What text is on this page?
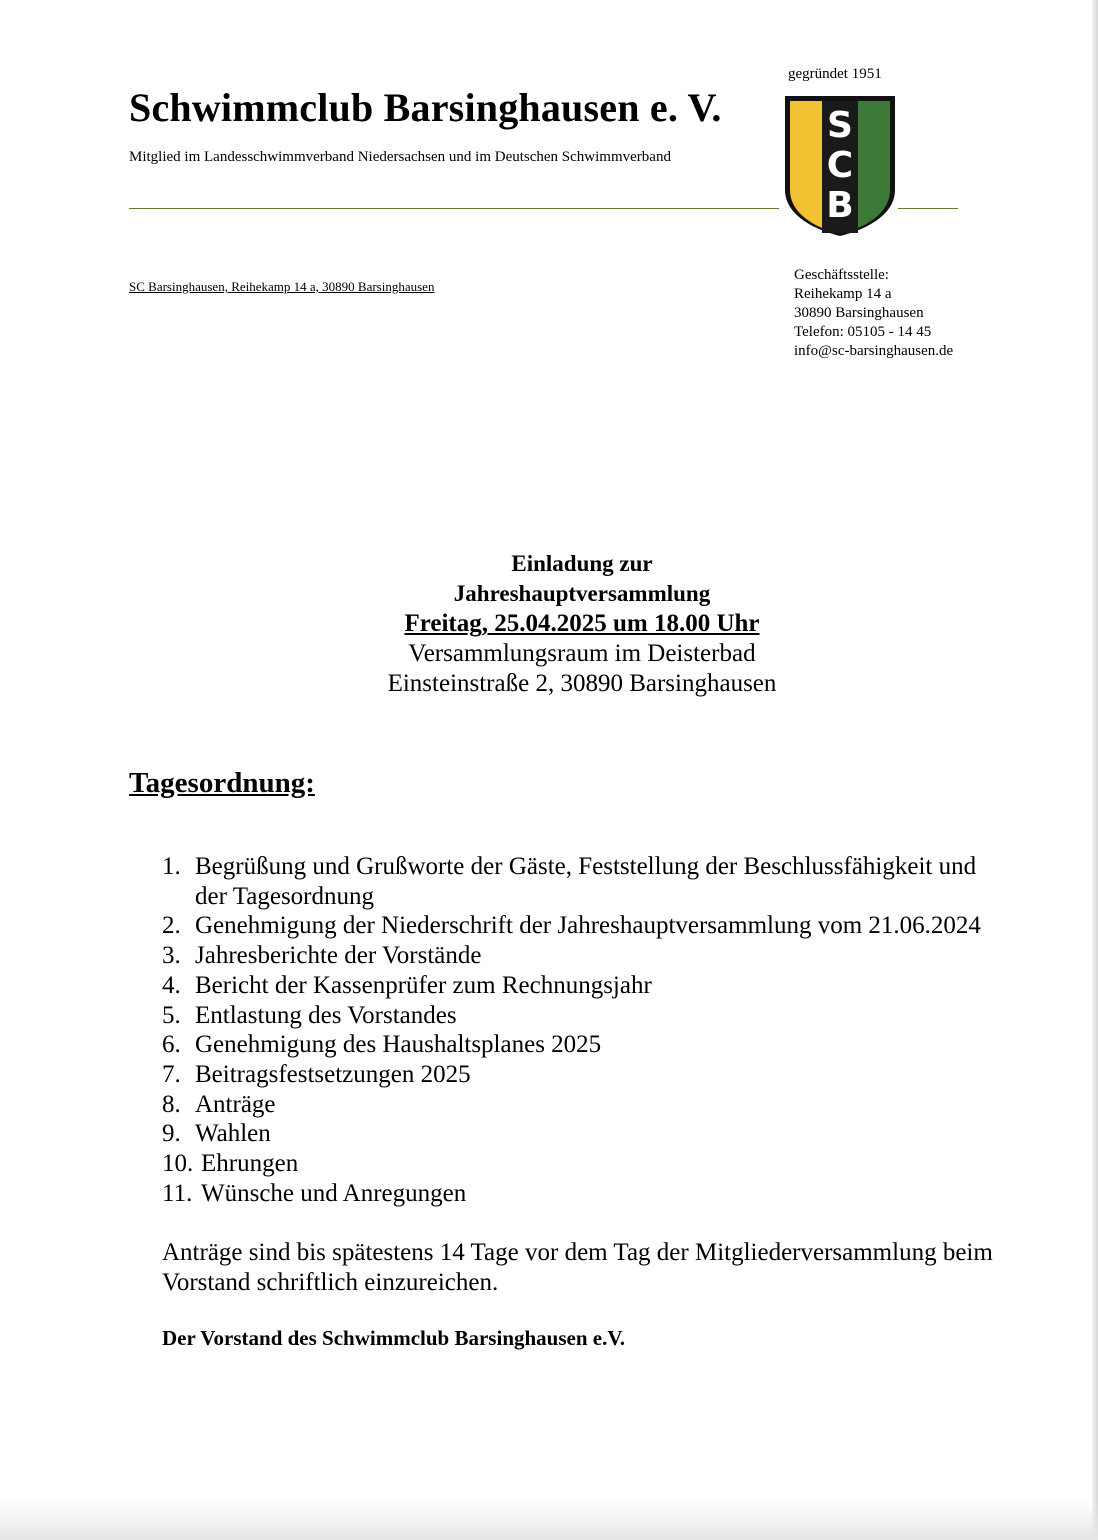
Schwimmclub Barsinghausen e. V.
Mitglied im Landesschwimmverband Niedersachsen und im Deutschen Schwimmverband
gegründet 1951
S
C
B
SC Barsinghausen, Reihekamp 14 a, 30890 Barsinghausen
Geschäftsstelle:
Reihekamp 14 a
30890 Barsinghausen
Telefon: 05105 - 14 45
info@sc-barsinghausen.de
Einladung zur
Jahreshauptversammlung
Freitag, 25.04.2025 um 18.00 Uhr
Versammlungsraum im Deisterbad
Einsteinstraße 2, 30890 Barsinghausen
Tagesordnung:
1. Begrüßung und Grußworte der Gäste, Feststellung der Beschlussfähigkeit und
der Tagesordnung
2. Genehmigung der Niederschrift der Jahreshauptversammlung vom 21.06.2024
3. Jahresberichte der Vorstände
4. Bericht der Kassenprüfer zum Rechnungsjahr
5. Entlastung des Vorstandes
6. Genehmigung des Haushaltsplanes 2025
7. Beitragsfestsetzungen 2025
8. Anträge
9. Wahlen
10. Ehrungen
11. Wünsche und Anregungen
Anträge sind bis spätestens 14 Tage vor dem Tag der Mitgliederversammlung beim
Vorstand schriftlich einzureichen.
Der Vorstand des Schwimmclub Barsinghausen e.V.
